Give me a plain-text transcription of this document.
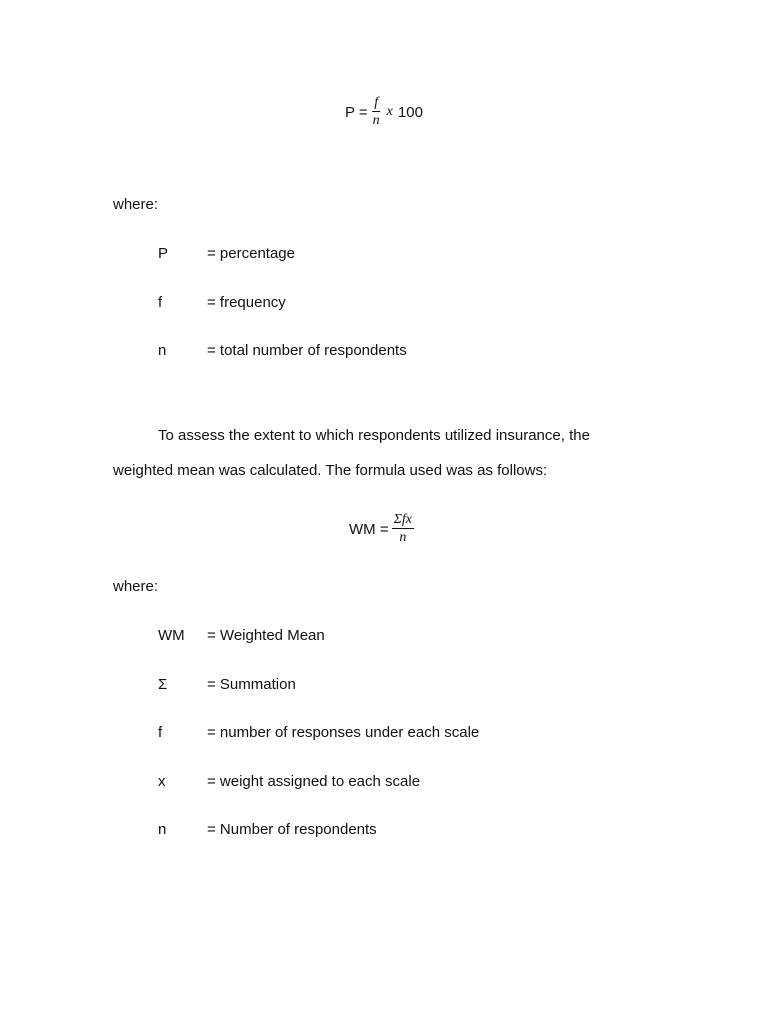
$P = \frac{f}{n}$ x 100
where:
P	= percentage
f	= frequency
n	= total number of respondents
To assess the extent to which respondents utilized insurance, the
weighted mean was calculated. The formula used was as follows:
WM = $\frac{\text{Σfx}}{n}$
where:
WM = Weighted Mean
Σ	= Summation
f	= number of responses under each scale
x	= weight assigned to each scale
n	= Number of respondents
